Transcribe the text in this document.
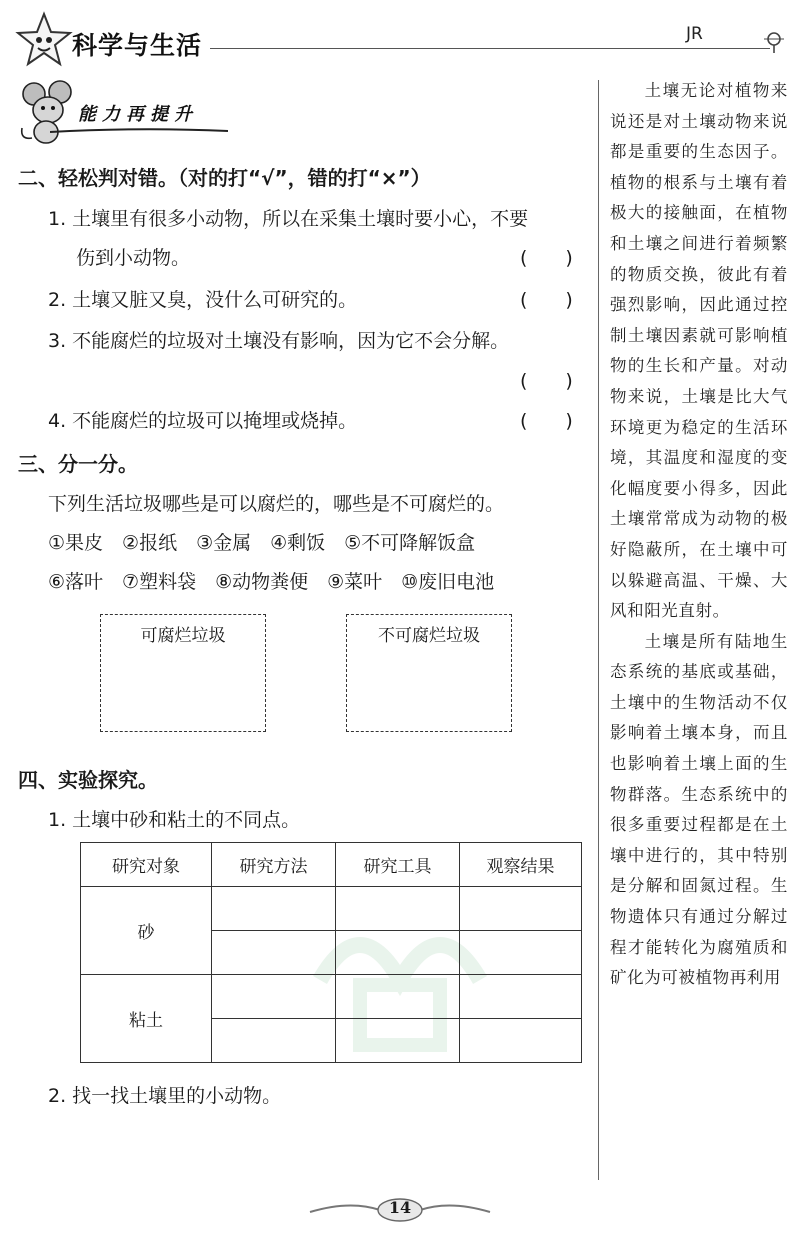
科学与生活	JR
能力再提升
二、轻松判对错。（对的打“√”，错的打“×”）
1. 土壤里有很多小动物，所以在采集土壤时要小心，不要
伤到小动物。	(　　)
2. 土壤又脏又臭，没什么可研究的。	(　　)
3. 不能腐烂的垃圾对土壤没有影响，因为它不会分解。
(　　)
4. 不能腐烂的垃圾可以掩埋或烧掉。	(　　)
三、分一分。
下列生活垃圾哪些是可以腐烂的，哪些是不可腐烂的。
①果皮　②报纸　③金属　④剩饭　⑤不可降解饭盒
⑥落叶　⑦塑料袋　⑧动物粪便　⑨菜叶　⑩废旧电池
可腐烂垃圾	不可腐烂垃圾
四、实验探究。
1. 土壤中砂和粘土的不同点。
研究对象	研究方法	研究工具	观察结果
砂			

粘土			

2. 找一找土壤里的小动物。

土壤无论对植物来说还是对土壤动物来说都是重要的生态因子。植物的根系与土壤有着极大的接触面，在植物和土壤之间进行着频繁的物质交换，彼此有着强烈影响，因此通过控制土壤因素就可影响植物的生长和产量。对动物来说，土壤是比大气环境更为稳定的生活环境，其温度和湿度的变化幅度要小得多，因此土壤常常成为动物的极好隐蔽所，在土壤中可以躲避高温、干燥、大风和阳光直射。

土壤是所有陆地生态系统的基底或基础，土壤中的生物活动不仅影响着土壤本身，而且也影响着土壤上面的生物群落。生态系统中的很多重要过程都是在土壤中进行的，其中特别是分解和固氮过程。生物遗体只有通过分解过程才能转化为腐殖质和矿化为可被植物再利用

14
